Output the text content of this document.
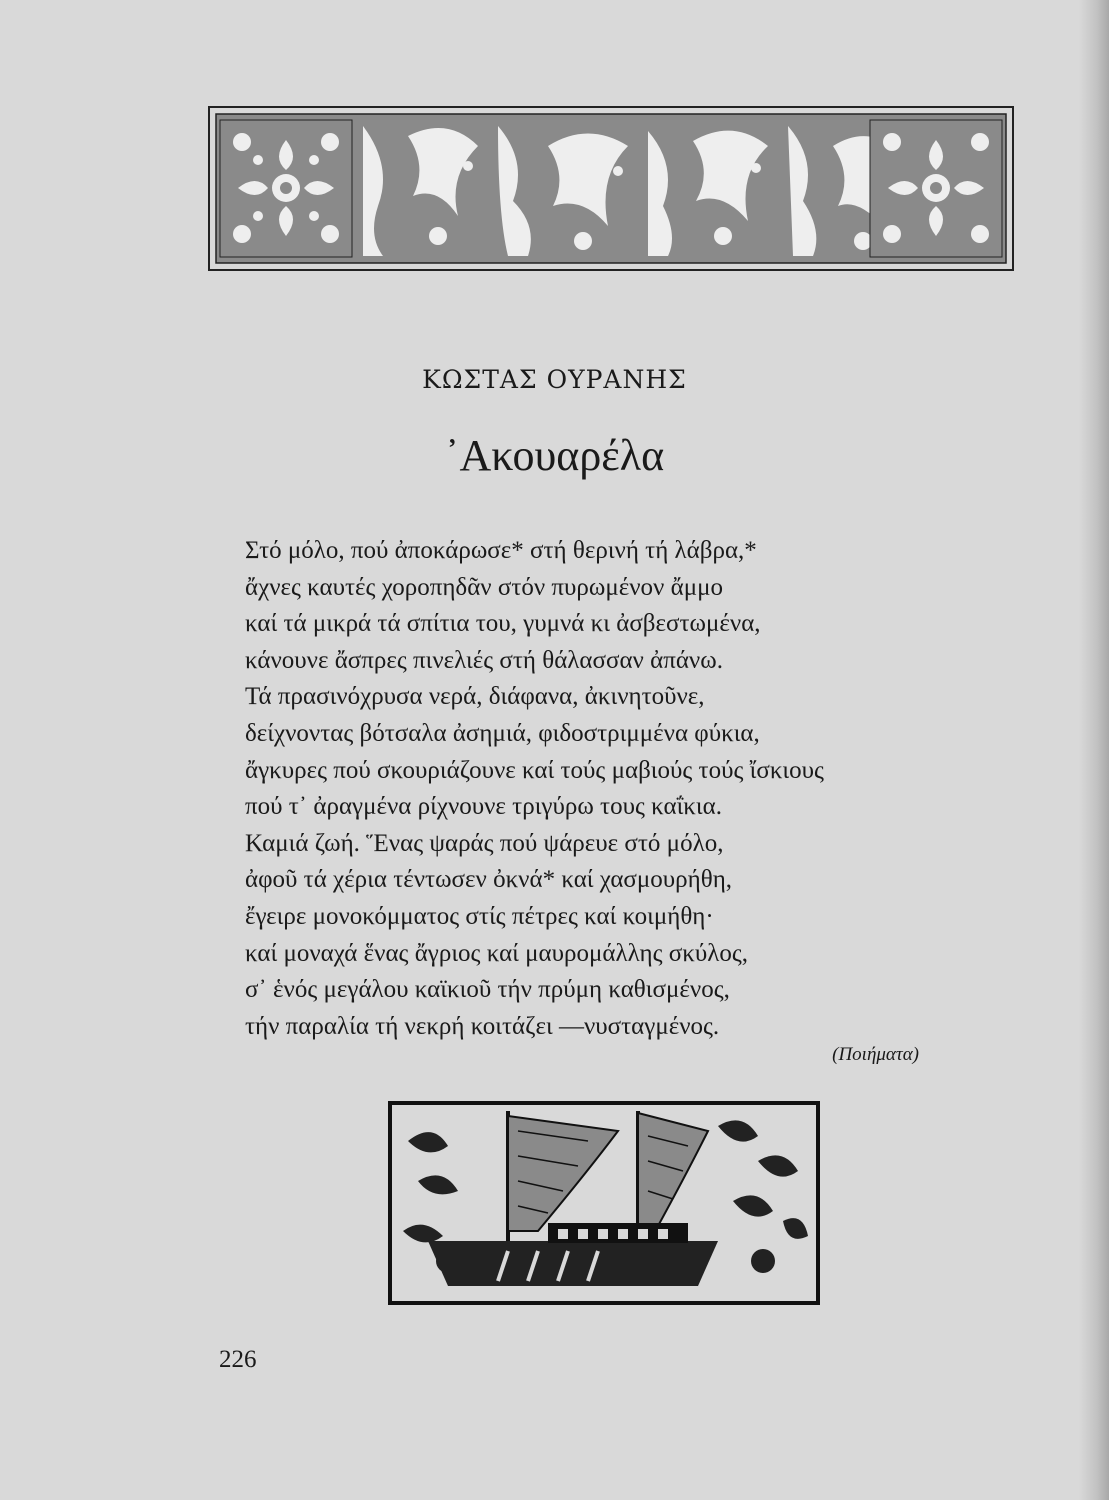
ΚΩΣΤΑΣ ΟΥΡΑΝΗΣ
᾿Ακουαρέλα
Στό μόλο, πού ἀποκάρωσε* στή θερινή τή λάβρα,*
ἄχνες καυτές χοροπηδᾶν στόν πυρωμένον ἄμμο
καί τά μικρά τά σπίτια του, γυμνά κι ἀσβεστωμένα,
κάνουνε ἄσπρες πινελιές στή θάλασσαν ἀπάνω.
Τά πρασινόχρυσα νερά, διάφανα, ἀκινητοῦνε,
δείχνοντας βότσαλα ἀσημιά, φιδοστριμμένα φύκια,
ἄγκυρες πού σκουριάζουνε καί τούς μαβιούς τούς ἴσκιους
πού τ᾿ ἀραγμένα ρίχνουνε τριγύρω τους καΐκια.
Καμιά ζωή. Ἕνας ψαράς πού ψάρευε στό μόλο,
ἀφοῦ τά χέρια τέντωσεν ὀκνά* καί χασμουρήθη,
ἔγειρε μονοκόμματος στίς πέτρες καί κοιμήθη·
καί μοναχά ἕνας ἄγριος καί μαυρομάλλης σκύλος,
σ᾿ ἑνός μεγάλου καϊκιοῦ τήν πρύμη καθισμένος,
τήν παραλία τή νεκρή κοιτάζει —νυσταγμένος.
(Ποιήματα)
226
